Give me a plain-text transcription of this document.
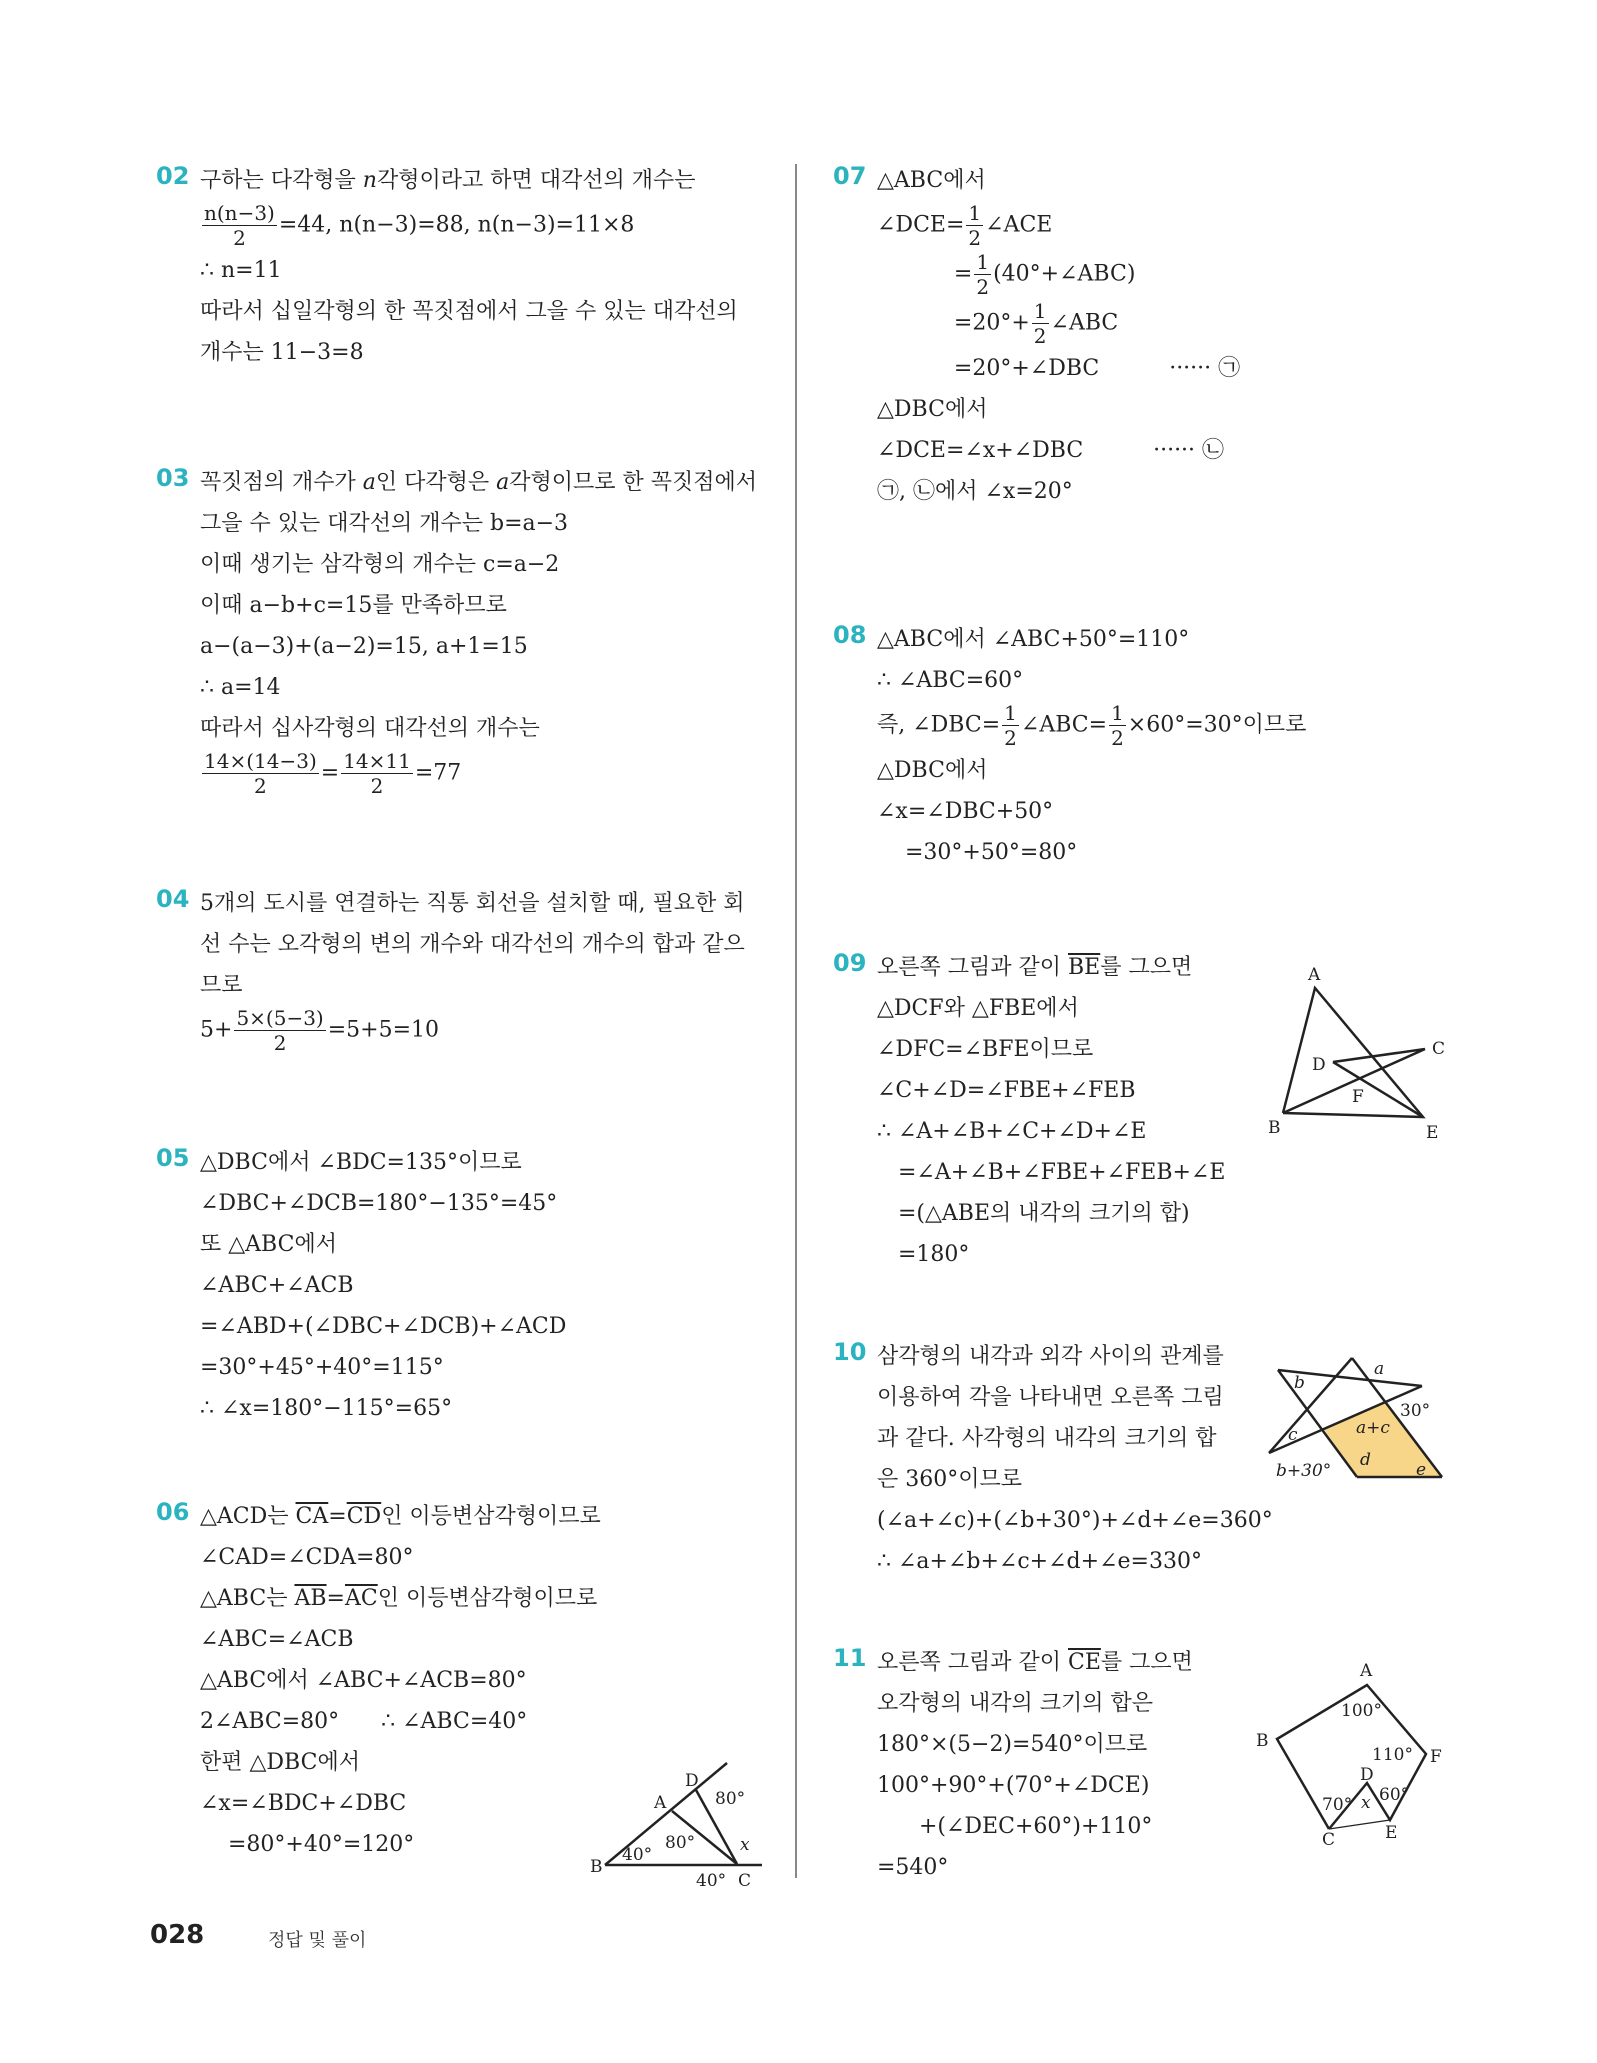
02 구하는 다각형을 n각형이라고 하면 대각선의 개수는
$\frac{n(n-3)}{2} =44$, n(n−3)=88, n(n−3)=11×8
∴ n=11
따라서 십일각형의 한 꼭짓점에서 그을 수 있는 대각선의
개수는 11−3=8
03 꼭짓점의 개수가 a인 다각형은 a각형이므로 한 꼭짓점에서
그을 수 있는 대각선의 개수는 b=a−3
이때 생기는 삼각형의 개수는 c=a−2
이때 a−b+c=15를 만족하므로
a−(a−3)+(a−2)=15, a+1=15
∴ a=14
따라서 십사각형의 대각선의 개수는
$\frac{14\times(14-3)}{2} = \frac{14\times 11}{2} =77$
04 5개의 도시를 연결하는 직통 회선을 설치할 때, 필요한 회
선 수는 오각형의 변의 개수와 대각선의 개수의 합과 같으
므로
$5+ \frac{5\times(5-3)}{2} =5+5=10$
05 △DBC에서 ∠BDC=135°이므로
∠DBC+∠DCB=180°−135°=45°
또 △ABC에서
∠ABC+∠ACB
=∠ABD+(∠DBC+∠DCB)+∠ACD
=30°+45°+40°=115°
∴ ∠x=180°−115°=65°
06 △ACD는 $\overline{CA}=\overline{CD}$인 이등변삼각형이므로
∠CAD=∠CDA=80°
△ABC는 $\overline{AB}=\overline{AC}$인 이등변삼각형이므로
∠ABC=∠ACB
△ABC에서 ∠ABC+∠ACB=80°
2∠ABC=80°      ∴ ∠ABC=40°
한편 △DBC에서
∠x=∠BDC+∠DBC
=80°+40°=120°
07 △ABC에서
∠DCE= $\frac{1}{2}$ ∠ACE
= $\frac{1}{2}$ (40°+∠ABC)
$=20^\circ+ \frac{1}{2}$ ∠ABC
=20°+∠DBC          ······ ㉠
△DBC에서
∠DCE=∠x+∠DBC          ······ ㉡
㉠, ㉡에서 ∠x=20°
08 △ABC에서 ∠ABC+50°=110°
∴ ∠ABC=60°
즉, ∠DBC= $\frac{1}{2}$ ∠ABC= $\frac{1}{2} \times 60^\circ=30^\circ$이므로
△DBC에서
∠x=∠DBC+50°
=30°+50°=80°
09 오른쪽 그림과 같이 $\overline{BE}$를 그으면
△DCF와 △FBE에서
∠DFC=∠BFE이므로
∠C+∠D=∠FBE+∠FEB
∴ ∠A+∠B+∠C+∠D+∠E
=∠A+∠B+∠FBE+∠FEB+∠E
=(△ABE의 내각의 크기의 합)
=180°
10 삼각형의 내각과 외각 사이의 관계를
이용하여 각을 나타내면 오른쪽 그림
과 같다. 사각형의 내각의 크기의 합
은 360°이므로
(∠a+∠c)+(∠b+30°)+∠d+∠e=360°
∴ ∠a+∠b+∠c+∠d+∠e=330°
11 오른쪽 그림과 같이 $\overline{CE}$를 그으면
오각형의 내각의 크기의 합은
180°×(5−2)=540°이므로
100°+90°+(70°+∠DCE)
+(∠DEC+60°)+110°
=540°
B
A
D
C
80°
80°
40°
40°
x
A
B
C
D
E
F
a
b
30°
a+c
c
d	e
b+30°
A
B
F
C	E
D
100°
110°
70° x 60°
028	정답 및 풀이
